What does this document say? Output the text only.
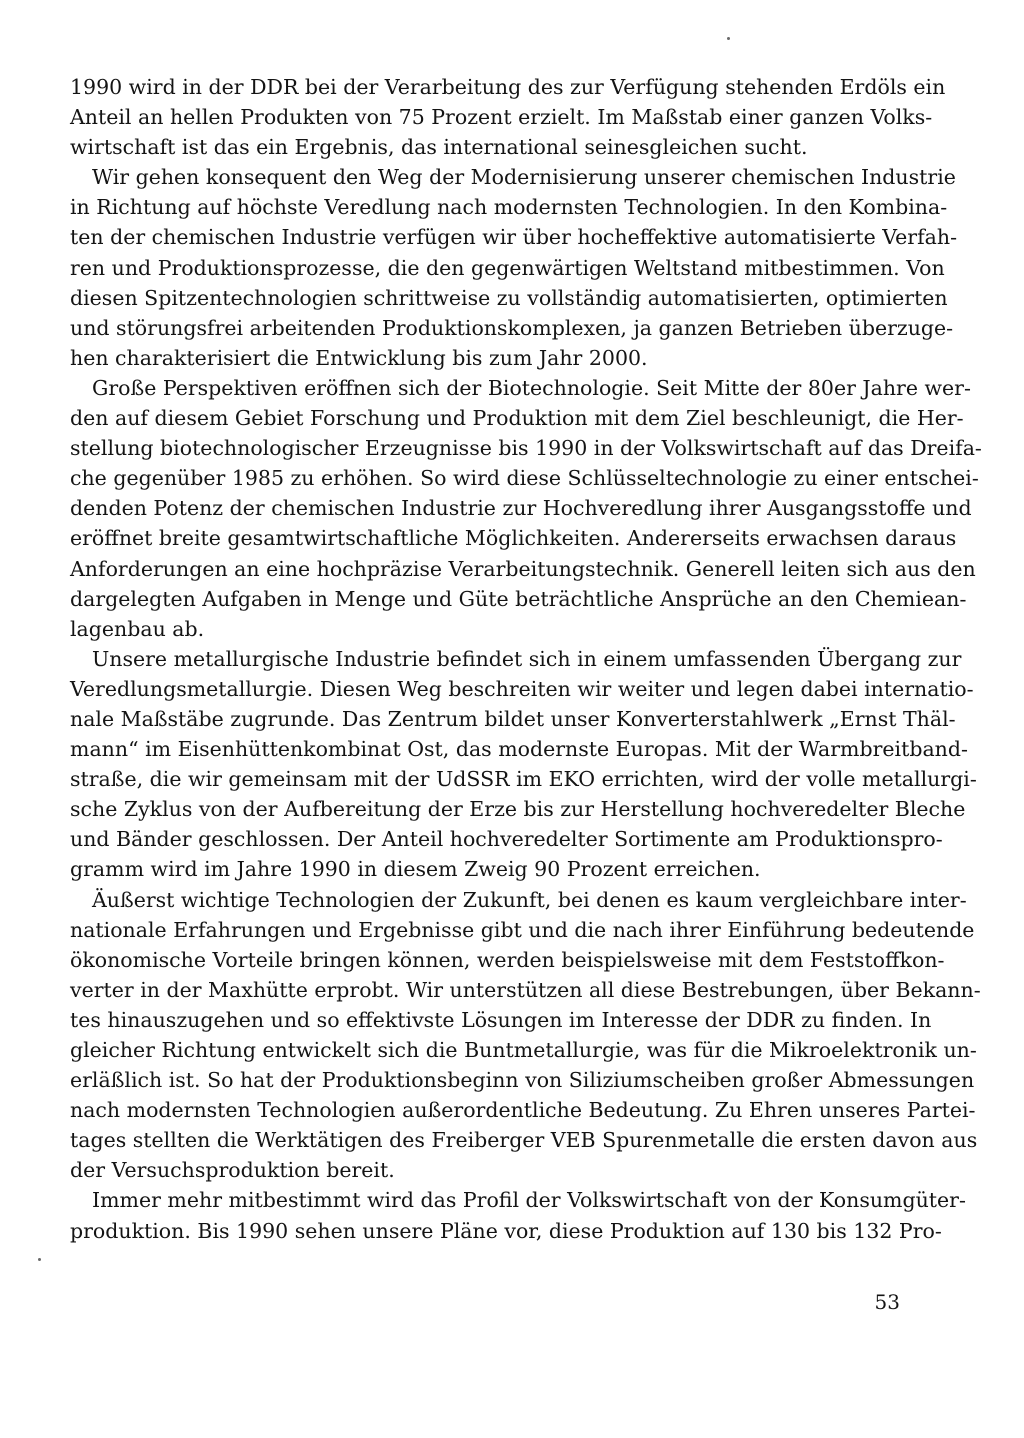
1990 wird in der DDR bei der Verarbeitung des zur Verfügung stehenden Erdöls ein
Anteil an hellen Produkten von 75 Prozent erzielt. Im Maßstab einer ganzen Volks-
wirtschaft ist das ein Ergebnis, das international seinesgleichen sucht.

Wir gehen konsequent den Weg der Modernisierung unserer chemischen Industrie
in Richtung auf höchste Veredlung nach modernsten Technologien. In den Kombina-
ten der chemischen Industrie verfügen wir über hocheffektive automatisierte Verfah-
ren und Produktionsprozesse, die den gegenwärtigen Weltstand mitbestimmen. Von
diesen Spitzentechnologien schrittweise zu vollständig automatisierten, optimierten
und störungsfrei arbeitenden Produktionskomplexen, ja ganzen Betrieben überzuge-
hen charakterisiert die Entwicklung bis zum Jahr 2000.

Große Perspektiven eröffnen sich der Biotechnologie. Seit Mitte der 80er Jahre wer-
den auf diesem Gebiet Forschung und Produktion mit dem Ziel beschleunigt, die Her-
stellung biotechnologischer Erzeugnisse bis 1990 in der Volkswirtschaft auf das Dreifa-
che gegenüber 1985 zu erhöhen. So wird diese Schlüsseltechnologie zu einer entschei-
denden Potenz der chemischen Industrie zur Hochveredlung ihrer Ausgangsstoffe und
eröffnet breite gesamtwirtschaftliche Möglichkeiten. Andererseits erwachsen daraus
Anforderungen an eine hochpräzise Verarbeitungstechnik. Generell leiten sich aus den
dargelegten Aufgaben in Menge und Güte beträchtliche Ansprüche an den Chemiean-
lagenbau ab.

Unsere metallurgische Industrie befindet sich in einem umfassenden Übergang zur
Veredlungsmetallurgie. Diesen Weg beschreiten wir weiter und legen dabei internatio-
nale Maßstäbe zugrunde. Das Zentrum bildet unser Konverterstahlwerk „Ernst Thäl-
mann“ im Eisenhüttenkombinat Ost, das modernste Europas. Mit der Warmbreitband-
straße, die wir gemeinsam mit der UdSSR im EKO errichten, wird der volle metallurgi-
sche Zyklus von der Aufbereitung der Erze bis zur Herstellung hochveredelter Bleche
und Bänder geschlossen. Der Anteil hochveredelter Sortimente am Produktionspro-
gramm wird im Jahre 1990 in diesem Zweig 90 Prozent erreichen.

Äußerst wichtige Technologien der Zukunft, bei denen es kaum vergleichbare inter-
nationale Erfahrungen und Ergebnisse gibt und die nach ihrer Einführung bedeutende
ökonomische Vorteile bringen können, werden beispielsweise mit dem Feststoffkon-
verter in der Maxhütte erprobt. Wir unterstützen all diese Bestrebungen, über Bekann-
tes hinauszugehen und so effektivste Lösungen im Interesse der DDR zu finden. In
gleicher Richtung entwickelt sich die Buntmetallurgie, was für die Mikroelektronik un-
erläßlich ist. So hat der Produktionsbeginn von Siliziumscheiben großer Abmessungen
nach modernsten Technologien außerordentliche Bedeutung. Zu Ehren unseres Partei-
tages stellten die Werktätigen des Freiberger VEB Spurenmetalle die ersten davon aus
der Versuchsproduktion bereit.

Immer mehr mitbestimmt wird das Profil der Volkswirtschaft von der Konsumgüter-
produktion. Bis 1990 sehen unsere Pläne vor, diese Produktion auf 130 bis 132 Pro-

53
